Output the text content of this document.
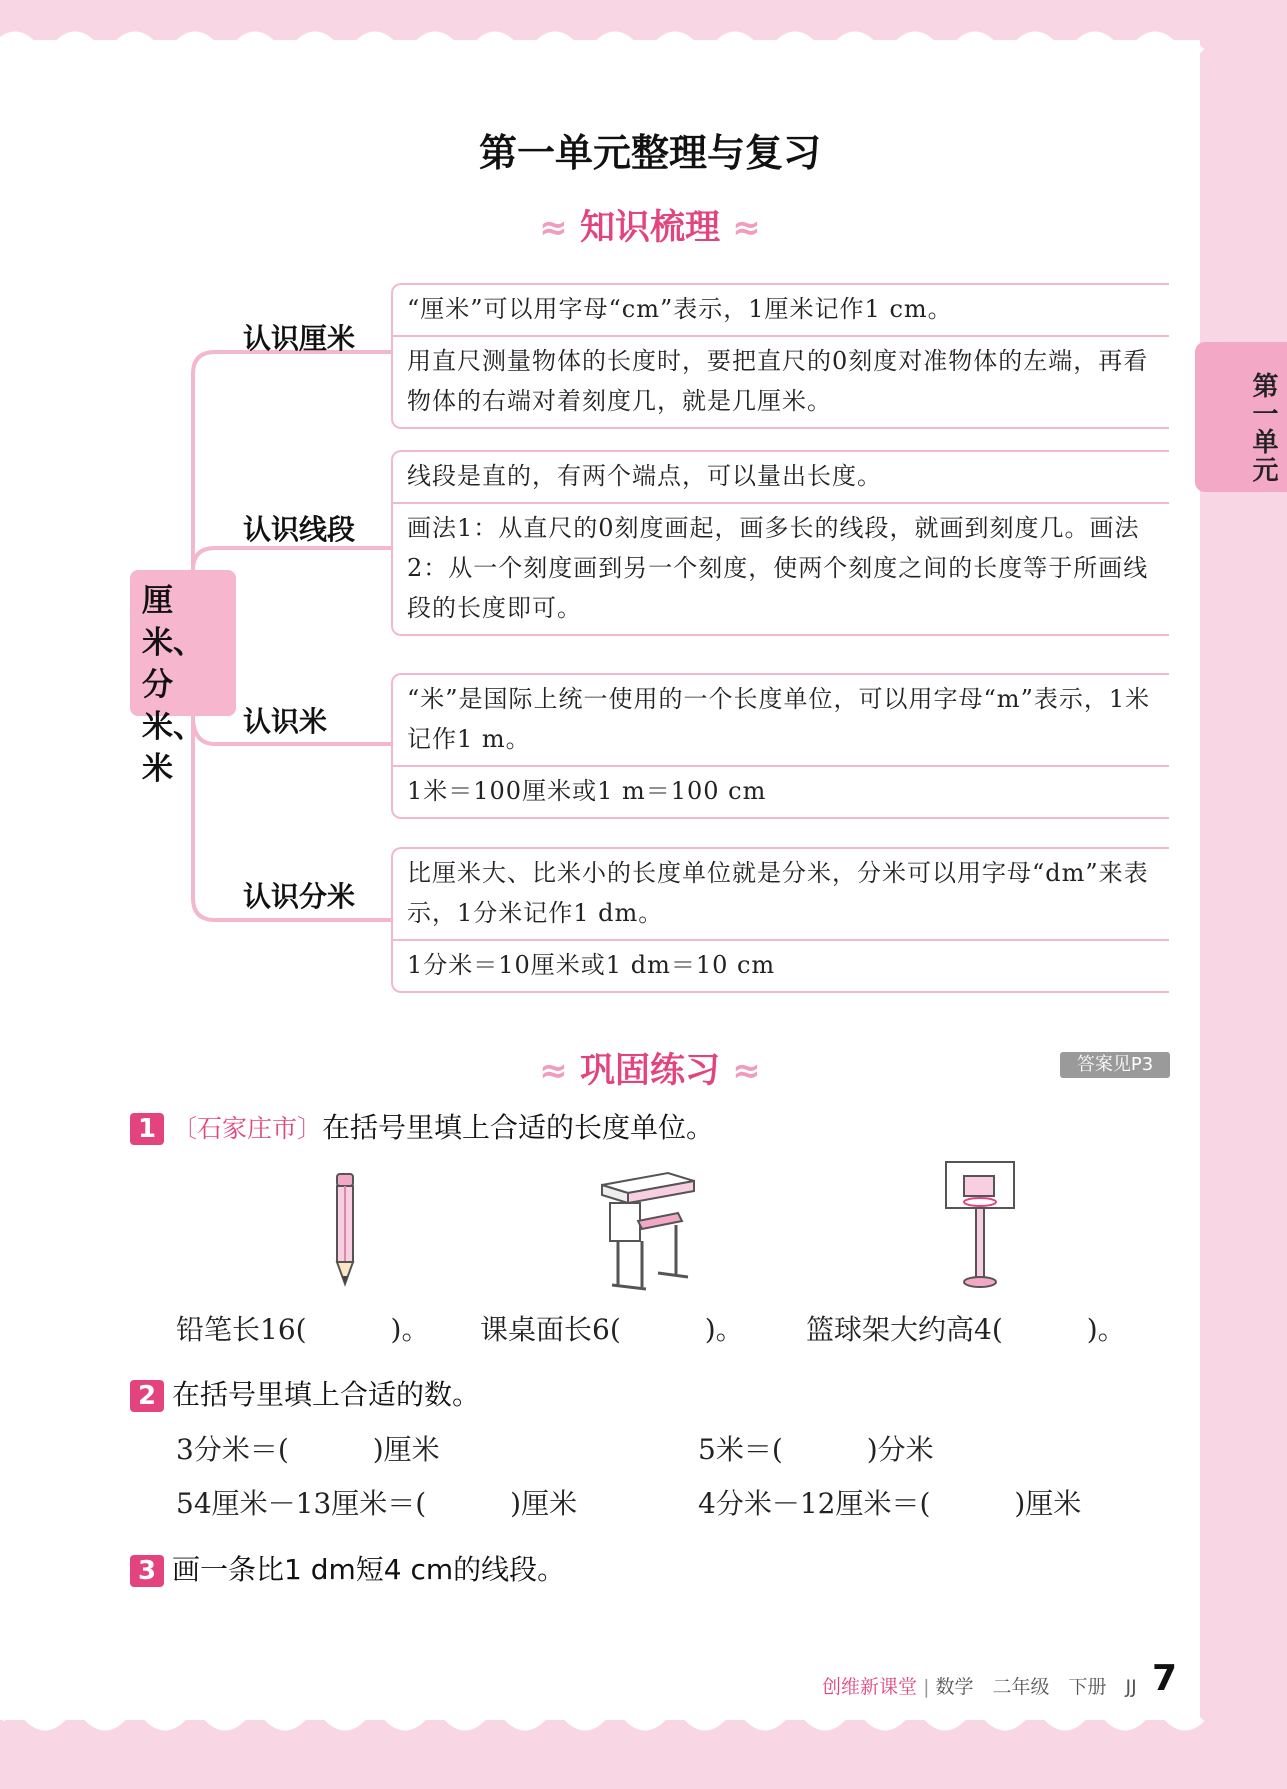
第一单元
第一单元整理与复习
≈ 知识梳理 ≈
厘米、分米、米
认识厘米
认识线段
认识米
认识分米
“厘米”可以用字母“cm”表示，1厘米记作1 cm。
用直尺测量物体的长度时，要把直尺的0刻度对准物体的左端，再看物体的右端对着刻度几，就是几厘米。
线段是直的，有两个端点，可以量出长度。
画法1：从直尺的0刻度画起，画多长的线段，就画到刻度几。画法2：从一个刻度画到另一个刻度，使两个刻度之间的长度等于所画线段的长度即可。
“米”是国际上统一使用的一个长度单位，可以用字母“m”表示，1米记作1 m。
1米＝100厘米或1 m＝100 cm
比厘米大、比米小的长度单位就是分米，分米可以用字母“dm”来表示，1分米记作1 dm。
1分米＝10厘米或1 dm＝10 cm
≈ 巩固练习 ≈	答案见P3
1 〔石家庄市〕在括号里填上合适的长度单位。
铅笔长16(　　　)。 课桌面长6(　　　)。 篮球架大约高4(　　　)。
2 在括号里填上合适的数。
3分米＝(　　　)厘米	5米＝(　　　)分米
54厘米－13厘米＝(　　　)厘米	4分米－12厘米＝(　　　)厘米
3 画一条比1 dm短4 cm的线段。
创维新课堂 | 数学　二年级　下册　JJ 7
